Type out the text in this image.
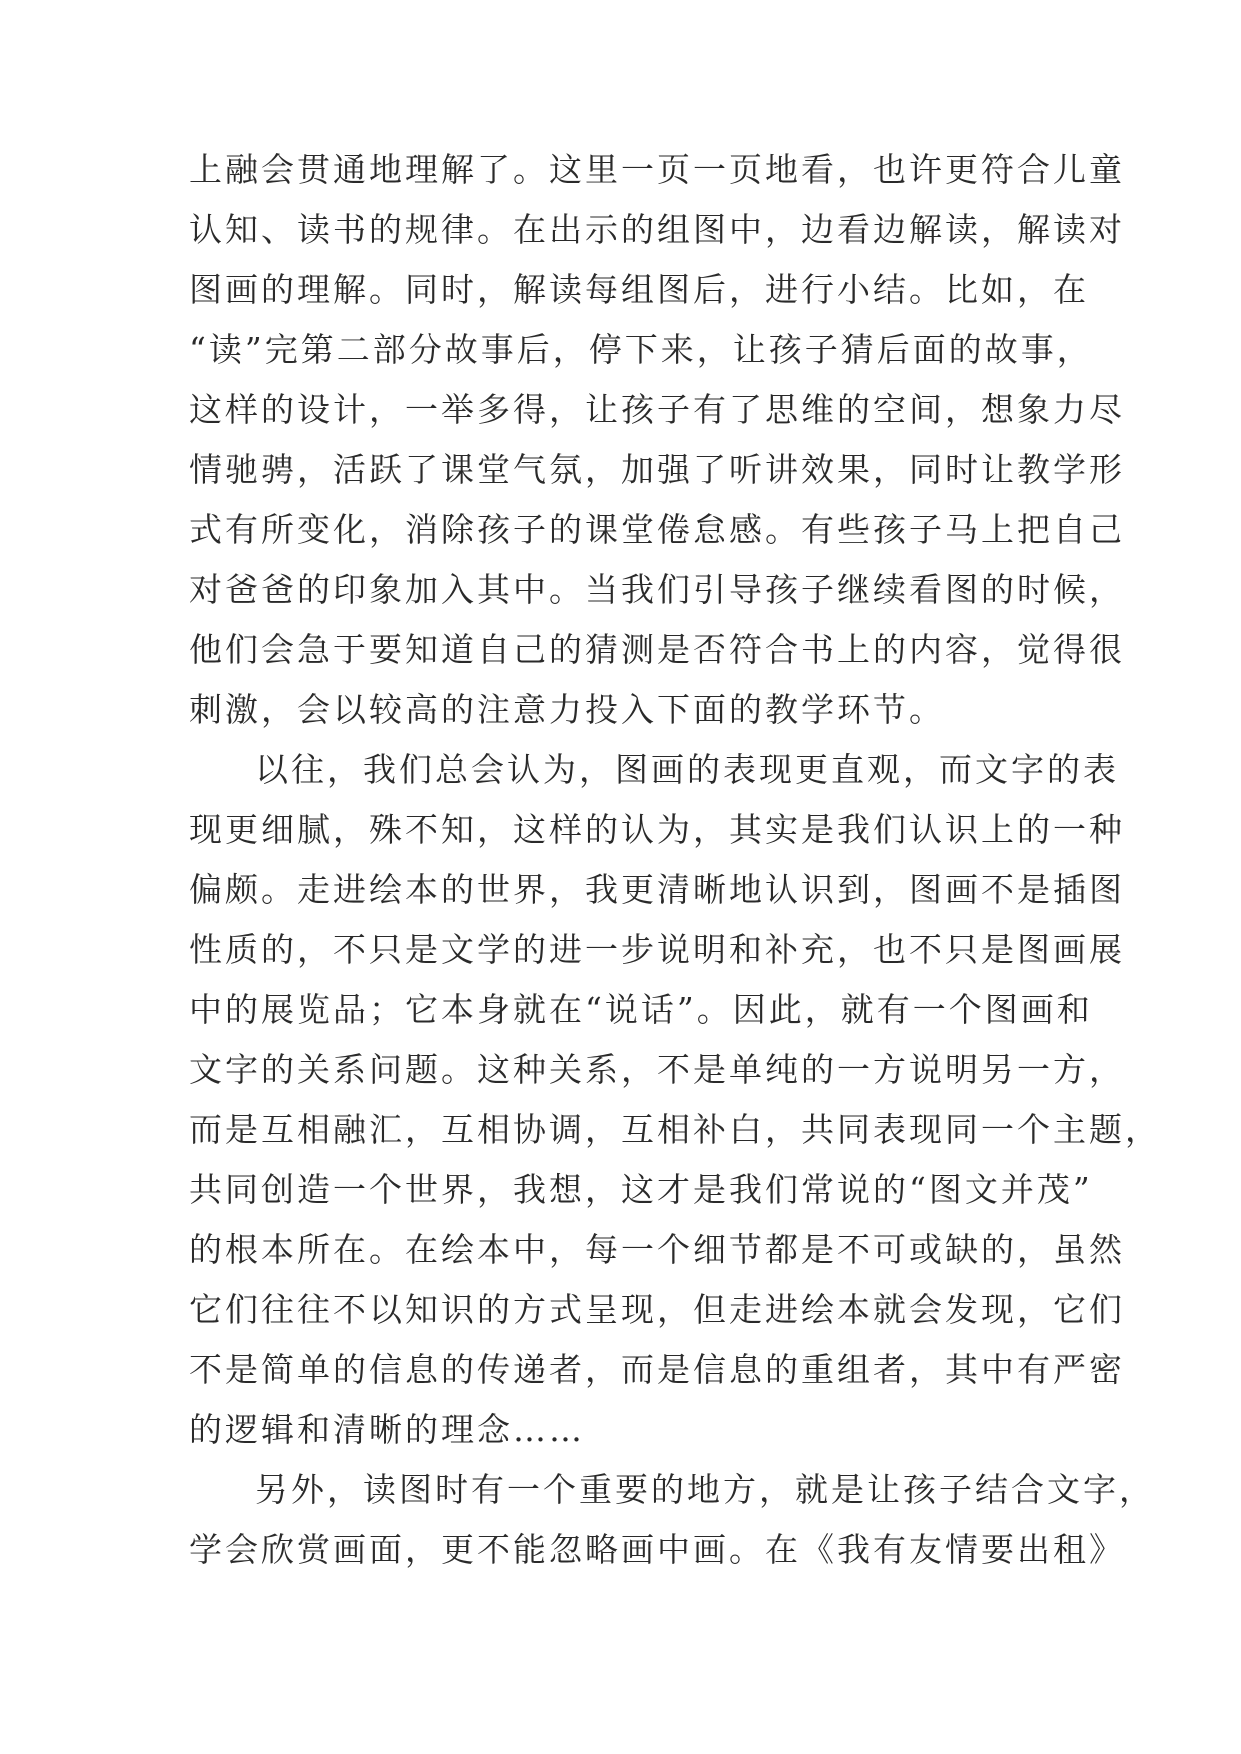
上融会贯通地理解了。这里一页一页地看，也许更符合儿童
认知、读书的规律。在出示的组图中，边看边解读，解读对
图画的理解。同时，解读每组图后，进行小结。比如，在
“读”完第二部分故事后，停下来，让孩子猜后面的故事，
这样的设计，一举多得，让孩子有了思维的空间，想象力尽
情驰骋，活跃了课堂气氛，加强了听讲效果，同时让教学形
式有所变化，消除孩子的课堂倦怠感。有些孩子马上把自己
对爸爸的印象加入其中。当我们引导孩子继续看图的时候，
他们会急于要知道自己的猜测是否符合书上的内容，觉得很
刺激，会以较高的注意力投入下面的教学环节。
以往，我们总会认为，图画的表现更直观，而文字的表
现更细腻，殊不知，这样的认为，其实是我们认识上的一种
偏颇。走进绘本的世界，我更清晰地认识到，图画不是插图
性质的，不只是文学的进一步说明和补充，也不只是图画展
中的展览品；它本身就在“说话”。因此，就有一个图画和
文字的关系问题。这种关系，不是单纯的一方说明另一方，
而是互相融汇，互相协调，互相补白，共同表现同一个主题，
共同创造一个世界，我想，这才是我们常说的“图文并茂”
的根本所在。在绘本中，每一个细节都是不可或缺的，虽然
它们往往不以知识的方式呈现，但走进绘本就会发现，它们
不是简单的信息的传递者，而是信息的重组者，其中有严密
的逻辑和清晰的理念……
另外，读图时有一个重要的地方，就是让孩子结合文字，
学会欣赏画面，更不能忽略画中画。在《我有友情要出租》
